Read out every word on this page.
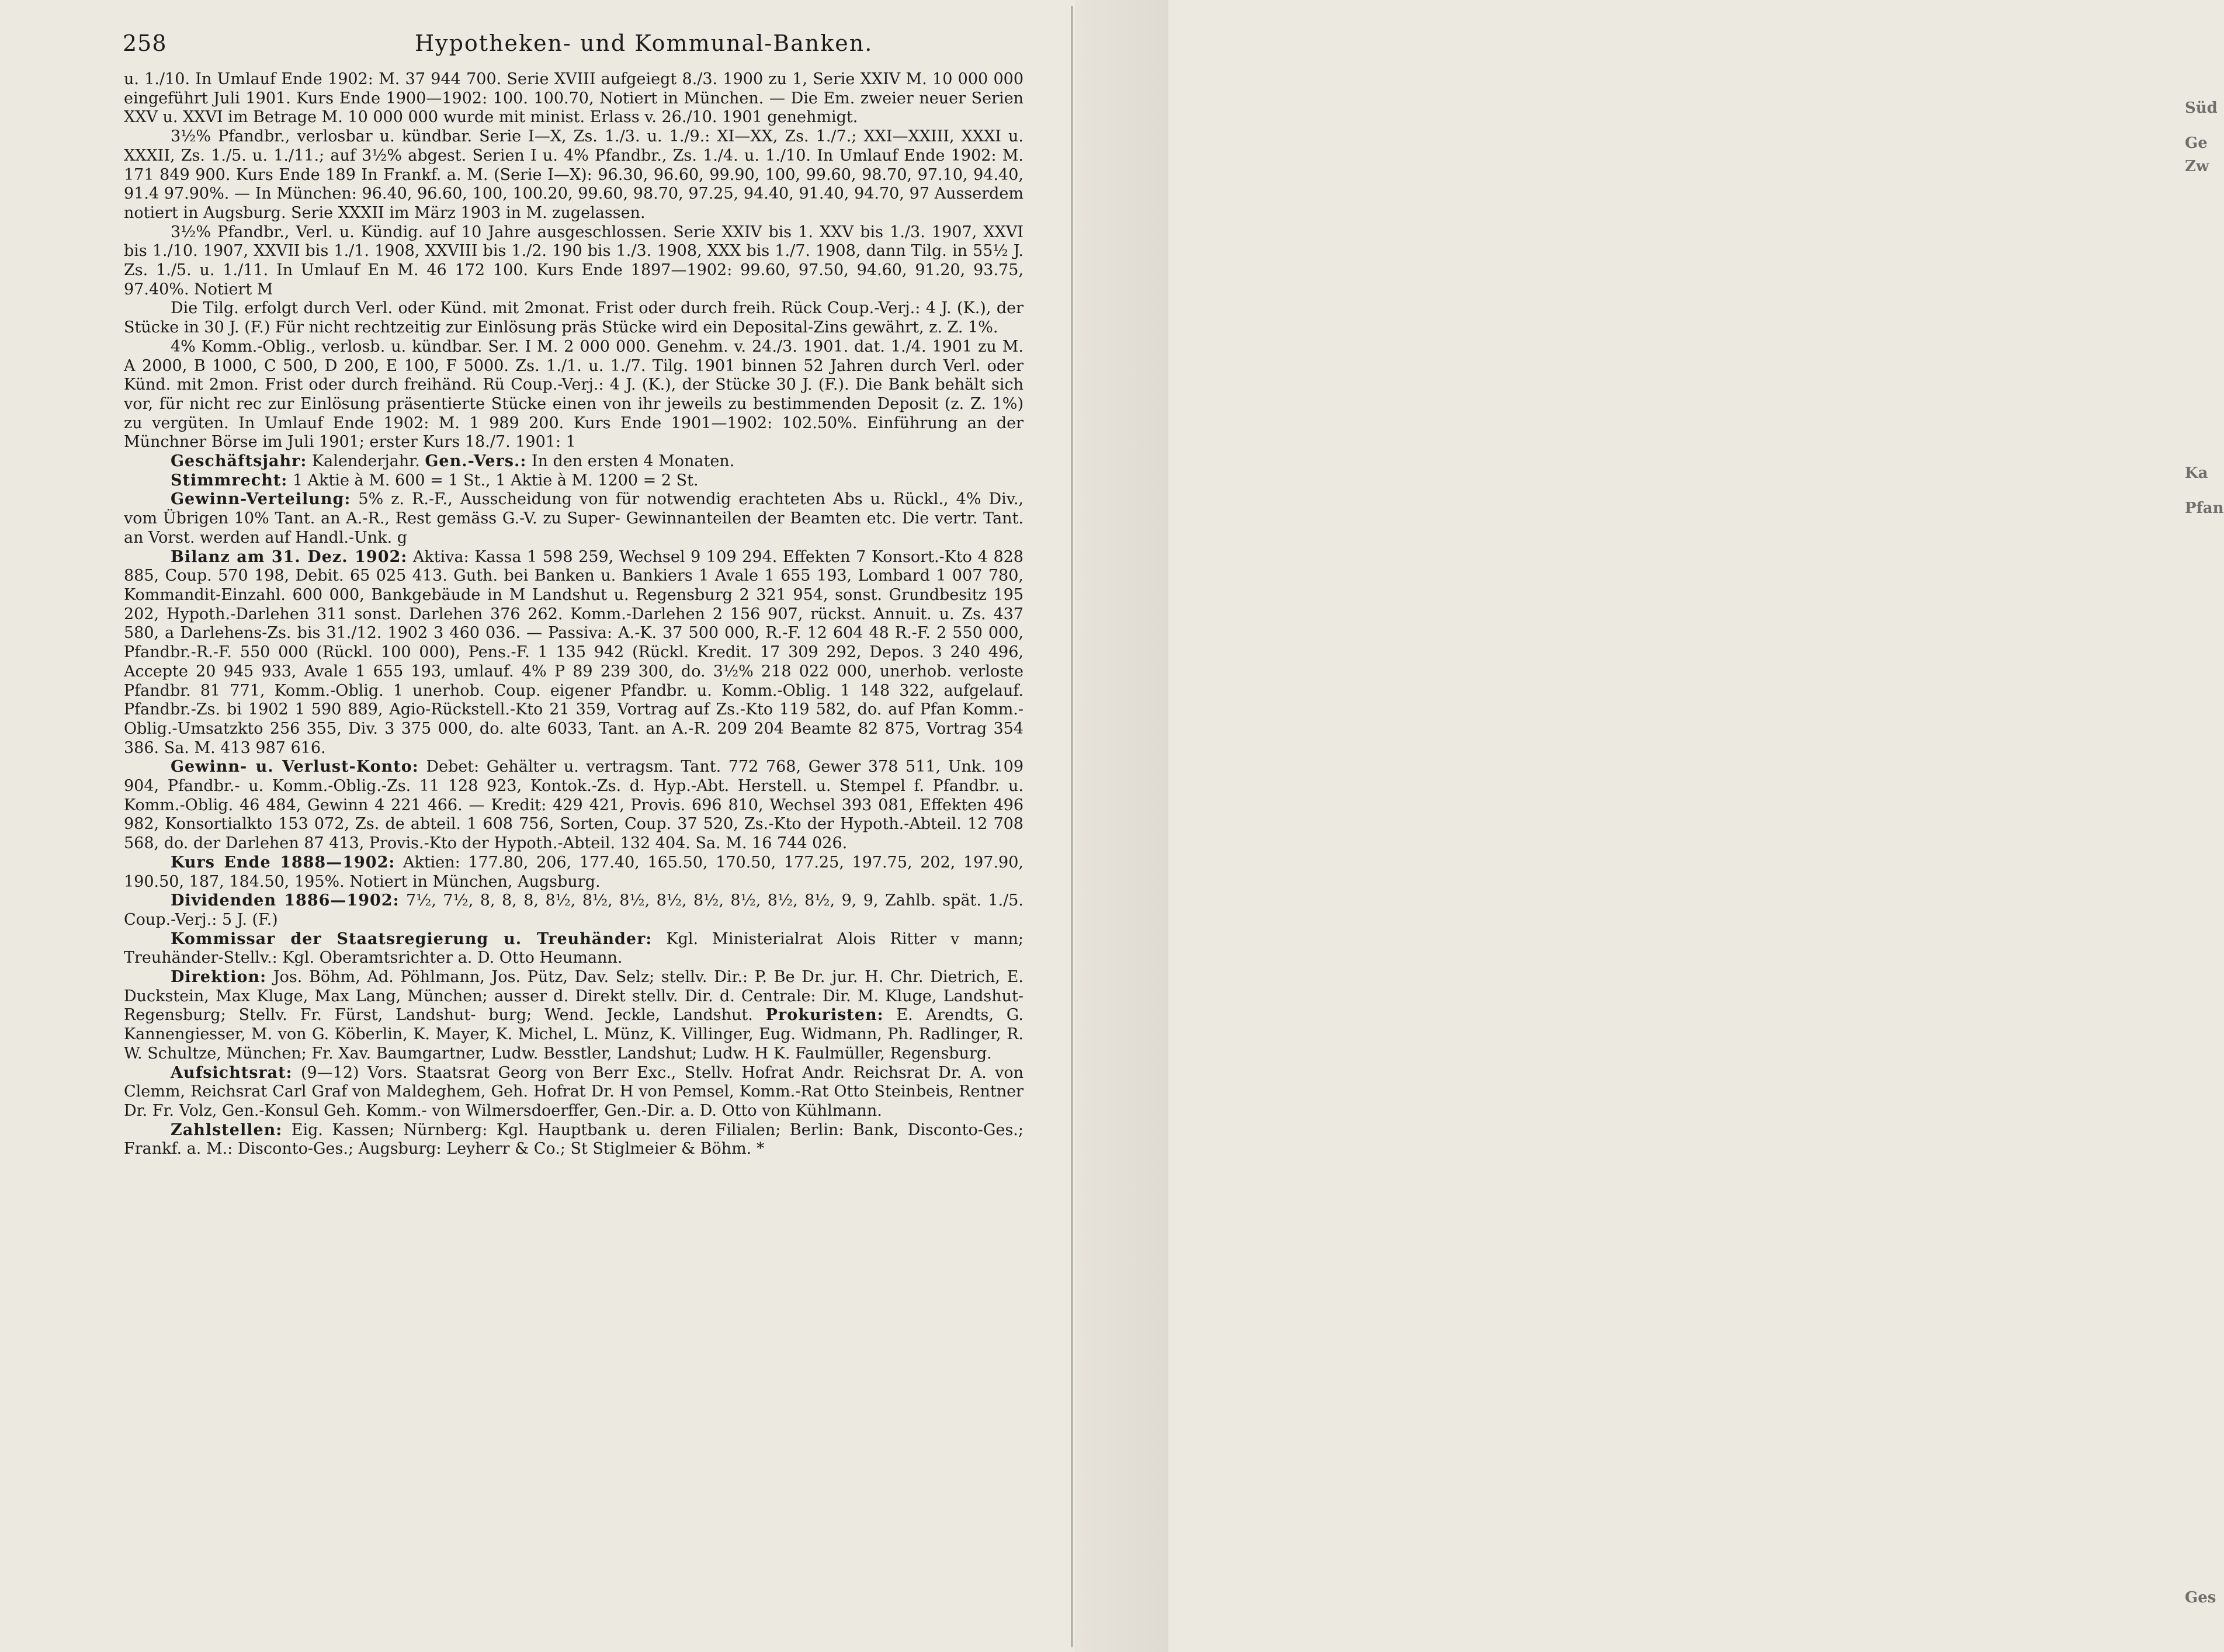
Süd
Ge
Zw
Ka
Pfan
Ges
258	Hypotheken- und Kommunal-Banken.

u. 1./10. In Umlauf Ende 1902: M. 37 944 700. Serie XVIII aufgeiegt 8./3. 1900 zu 1, Serie XXIV M. 10 000 000 eingeführt Juli 1901. Kurs Ende 1900—1902: 100. 100.70, Notiert in München. — Die Em. zweier neuer Serien XXV u. XXVI im Betrage M. 10 000 000 wurde mit minist. Erlass v. 26./10. 1901 genehmigt.

3½% Pfandbr., verlosbar u. kündbar. Serie I—X, Zs. 1./3. u. 1./9.: XI—XX, Zs. 1./7.; XXI—XXIII, XXXI u. XXXII, Zs. 1./5. u. 1./11.; auf 3½% abgest. Serien I u. 4% Pfandbr., Zs. 1./4. u. 1./10. In Umlauf Ende 1902: M. 171 849 900. Kurs Ende 189 In Frankf. a. M. (Serie I—X): 96.30, 96.60, 99.90, 100, 99.60, 98.70, 97.10, 94.40, 91.4 97.90%. — In München: 96.40, 96.60, 100, 100.20, 99.60, 98.70, 97.25, 94.40, 91.40, 94.70, 97 Ausserdem notiert in Augsburg. Serie XXXII im März 1903 in M. zugelassen.

3½% Pfandbr., Verl. u. Kündig. auf 10 Jahre ausgeschlossen. Serie XXIV bis 1. XXV bis 1./3. 1907, XXVI bis 1./10. 1907, XXVII bis 1./1. 1908, XXVIII bis 1./2. 190 bis 1./3. 1908, XXX bis 1./7. 1908, dann Tilg. in 55½ J. Zs. 1./5. u. 1./11. In Umlauf En M. 46 172 100. Kurs Ende 1897—1902: 99.60, 97.50, 94.60, 91.20, 93.75, 97.40%. Notiert M

Die Tilg. erfolgt durch Verl. oder Künd. mit 2monat. Frist oder durch freih. Rück Coup.-Verj.: 4 J. (K.), der Stücke in 30 J. (F.) Für nicht rechtzeitig zur Einlösung präs Stücke wird ein Deposital-Zins gewährt, z. Z. 1%.

4% Komm.-Oblig., verlosb. u. kündbar. Ser. I M. 2 000 000. Genehm. v. 24./3. 1901. dat. 1./4. 1901 zu M. A 2000, B 1000, C 500, D 200, E 100, F 5000. Zs. 1./1. u. 1./7. Tilg. 1901 binnen 52 Jahren durch Verl. oder Künd. mit 2mon. Frist oder durch freihänd. Rü Coup.-Verj.: 4 J. (K.), der Stücke 30 J. (F.). Die Bank behält sich vor, für nicht rec zur Einlösung präsentierte Stücke einen von ihr jeweils zu bestimmenden Deposit (z. Z. 1%) zu vergüten. In Umlauf Ende 1902: M. 1 989 200. Kurs Ende 1901—1902: 102.50%. Einführung an der Münchner Börse im Juli 1901; erster Kurs 18./7. 1901: 1

Geschäftsjahr: Kalenderjahr. Gen.-Vers.: In den ersten 4 Monaten.

Stimmrecht: 1 Aktie à M. 600 = 1 St., 1 Aktie à M. 1200 = 2 St.

Gewinn-Verteilung: 5% z. R.-F., Ausscheidung von für notwendig erachteten Abs u. Rückl., 4% Div., vom Übrigen 10% Tant. an A.-R., Rest gemäss G.-V. zu Super- Gewinnanteilen der Beamten etc. Die vertr. Tant. an Vorst. werden auf Handl.-Unk. g

Bilanz am 31. Dez. 1902: Aktiva: Kassa 1 598 259, Wechsel 9 109 294. Effekten 7 Konsort.-Kto 4 828 885, Coup. 570 198, Debit. 65 025 413. Guth. bei Banken u. Bankiers 1 Avale 1 655 193, Lombard 1 007 780, Kommandit-Einzahl. 600 000, Bankgebäude in M Landshut u. Regensburg 2 321 954, sonst. Grundbesitz 195 202, Hypoth.-Darlehen 311 sonst. Darlehen 376 262. Komm.-Darlehen 2 156 907, rückst. Annuit. u. Zs. 437 580, a Darlehens-Zs. bis 31./12. 1902 3 460 036. — Passiva: A.-K. 37 500 000, R.-F. 12 604 48 R.-F. 2 550 000, Pfandbr.-R.-F. 550 000 (Rückl. 100 000), Pens.-F. 1 135 942 (Rückl. Kredit. 17 309 292, Depos. 3 240 496, Accepte 20 945 933, Avale 1 655 193, umlauf. 4% P 89 239 300, do. 3½% 218 022 000, unerhob. verloste Pfandbr. 81 771, Komm.-Oblig. 1 unerhob. Coup. eigener Pfandbr. u. Komm.-Oblig. 1 148 322, aufgelauf. Pfandbr.-Zs. bi 1902 1 590 889, Agio-Rückstell.-Kto 21 359, Vortrag auf Zs.-Kto 119 582, do. auf Pfan Komm.-Oblig.-Umsatzkto 256 355, Div. 3 375 000, do. alte 6033, Tant. an A.-R. 209 204 Beamte 82 875, Vortrag 354 386. Sa. M. 413 987 616.

Gewinn- u. Verlust-Konto: Debet: Gehälter u. vertragsm. Tant. 772 768, Gewer 378 511, Unk. 109 904, Pfandbr.- u. Komm.-Oblig.-Zs. 11 128 923, Kontok.-Zs. d. Hyp.-Abt. Herstell. u. Stempel f. Pfandbr. u. Komm.-Oblig. 46 484, Gewinn 4 221 466. — Kredit: 429 421, Provis. 696 810, Wechsel 393 081, Effekten 496 982, Konsortialkto 153 072, Zs. de abteil. 1 608 756, Sorten, Coup. 37 520, Zs.-Kto der Hypoth.-Abteil. 12 708 568, do. der Darlehen 87 413, Provis.-Kto der Hypoth.-Abteil. 132 404. Sa. M. 16 744 026.

Kurs Ende 1888—1902: Aktien: 177.80, 206, 177.40, 165.50, 170.50, 177.25, 197.75, 202, 197.90, 190.50, 187, 184.50, 195%. Notiert in München, Augsburg.

Dividenden 1886—1902: 7½, 7½, 8, 8, 8, 8½, 8½, 8½, 8½, 8½, 8½, 8½, 8½, 9, 9, Zahlb. spät. 1./5. Coup.-Verj.: 5 J. (F.)

Kommissar der Staatsregierung u. Treuhänder: Kgl. Ministerialrat Alois Ritter v mann; Treuhänder-Stellv.: Kgl. Oberamtsrichter a. D. Otto Heumann.

Direktion: Jos. Böhm, Ad. Pöhlmann, Jos. Pütz, Dav. Selz; stellv. Dir.: P. Be Dr. jur. H. Chr. Dietrich, E. Duckstein, Max Kluge, Max Lang, München; ausser d. Direkt stellv. Dir. d. Centrale: Dir. M. Kluge, Landshut-Regensburg; Stellv. Fr. Fürst, Landshut- burg; Wend. Jeckle, Landshut. Prokuristen: E. Arendts, G. Kannengiesser, M. von G. Köberlin, K. Mayer, K. Michel, L. Münz, K. Villinger, Eug. Widmann, Ph. Radlinger, R. W. Schultze, München; Fr. Xav. Baumgartner, Ludw. Besstler, Landshut; Ludw. H K. Faulmüller, Regensburg.

Aufsichtsrat: (9—12) Vors. Staatsrat Georg von Berr Exc., Stellv. Hofrat Andr. Reichsrat Dr. A. von Clemm, Reichsrat Carl Graf von Maldeghem, Geh. Hofrat Dr. H von Pemsel, Komm.-Rat Otto Steinbeis, Rentner Dr. Fr. Volz, Gen.-Konsul Geh. Komm.- von Wilmersdoerffer, Gen.-Dir. a. D. Otto von Kühlmann.

Zahlstellen: Eig. Kassen; Nürnberg: Kgl. Hauptbank u. deren Filialen; Berlin: Bank, Disconto-Ges.; Frankf. a. M.: Disconto-Ges.; Augsburg: Leyherr & Co.; St Stiglmeier & Böhm. *
